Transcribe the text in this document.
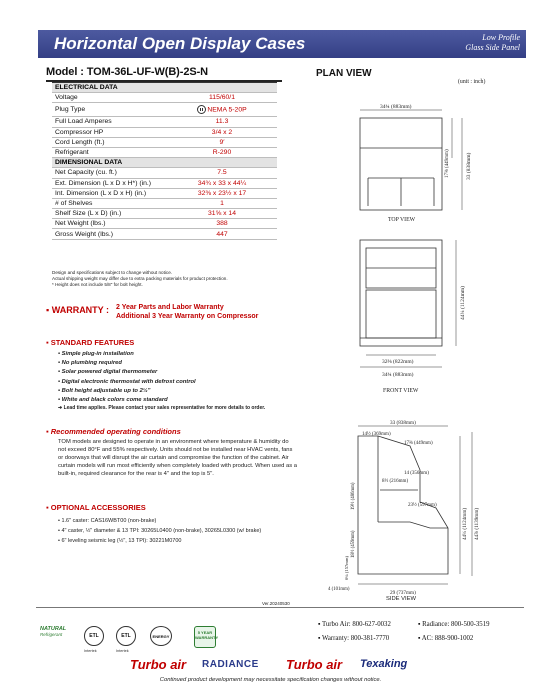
Horizontal Open Display Cases	Low Profile
Glass Side Panel
Model : TOM-36L-UF-W(B)-2S-N
ELECTRICAL DATA	
Voltage	115/60/1
Plug Type	NEMA 5-20P
Full Load Amperes	11.3
Compressor HP	3/4 x 2
Cord Length (ft.)	9′
Refrigerant	R-290
DIMENSIONAL DATA	
Net Capacity (cu. ft.)	7.5
Ext. Dimension (L x D x H*) (in.)	34¾ x 33 x 44¼
Int. Dimension (L x D x H) (in.)	32⅜ x 23½ x 17
# of Shelves	1
Shelf Size (L x D) (in.)	31⅝ x 14
Net Weight (lbs.)	388
Gross Weight (lbs.)	447
Design and specifications subject to change without notice.
Actual shipping weight may differ due to extra packing materials for product protection.
* Height does not include 5/8" for bolt height.
▪ WARRANTY : 2 Year Parts and Labor Warranty
Additional 3 Year Warranty on Compressor
▪ STANDARD FEATURES
• Simple plug-in installation
• No plumbing required
• Solar powered digital thermometer
• Digital electronic thermostat with defrost control
• Bolt height adjustable up to 2½"
• White and black colors come standard
➔ Lead time applies. Please contact your sales representative for more details to order.
▪ Recommended operating conditions
TOM models are designed to operate in an environment where temperature & humidity do not exceed 80°F and 55% respectively. Units should not be installed near HVAC vents, fans or doorways that will disrupt the air curtain and compromise the function of the cabinet. Air curtain models will run most efficiently when completely loaded with product. When used as a built-in, required clearance for the rear is 4" and the top is 5".
▪ OPTIONAL ACCESSORIES
• 1.6" caster: CAS16WBT00 (non-brake)
• 4" caster, ½" diameter & 13 TPI: 30265L0400 (non-brake), 30265L0300 (w/ brake)
• 6" leveling seismic leg (½", 13 TPI): 30221M0700
PLAN VIEW
(unit : inch)
34¾ (883mm)
17⅜ (449mm)	33 (838mm)
TOP VIEW
44¼ (1124mm)
32⅜ (822mm)
34¾ (883mm)
FRONT VIEW
33 (838mm)
14½ (369mm)
17⅜ (449mm)
14 (356mm)
8½ (216mm)
23½ (597mm)
19½ (486mm)
18½ (459mm)
6¼ (157mm)
4 (101mm)
29 (737mm)
44¼ (1124mm) 44⅞ (1139mm)
SIDE VIEW
Ver.20240530
NATURAL
Refrigerant	ETL
Intertek
ETL
Intertek
ENERGY
5 YEAR WARRANTY
▪ Turbo Air: 800-627-0032	▪ Radiance: 800-500-3519
▪ Warranty: 800-381-7770	▪ AC: 888-900-1002
Turbo air RADIANCE Turbo air Texaking
Continued product development may necessitate specification changes without notice.
